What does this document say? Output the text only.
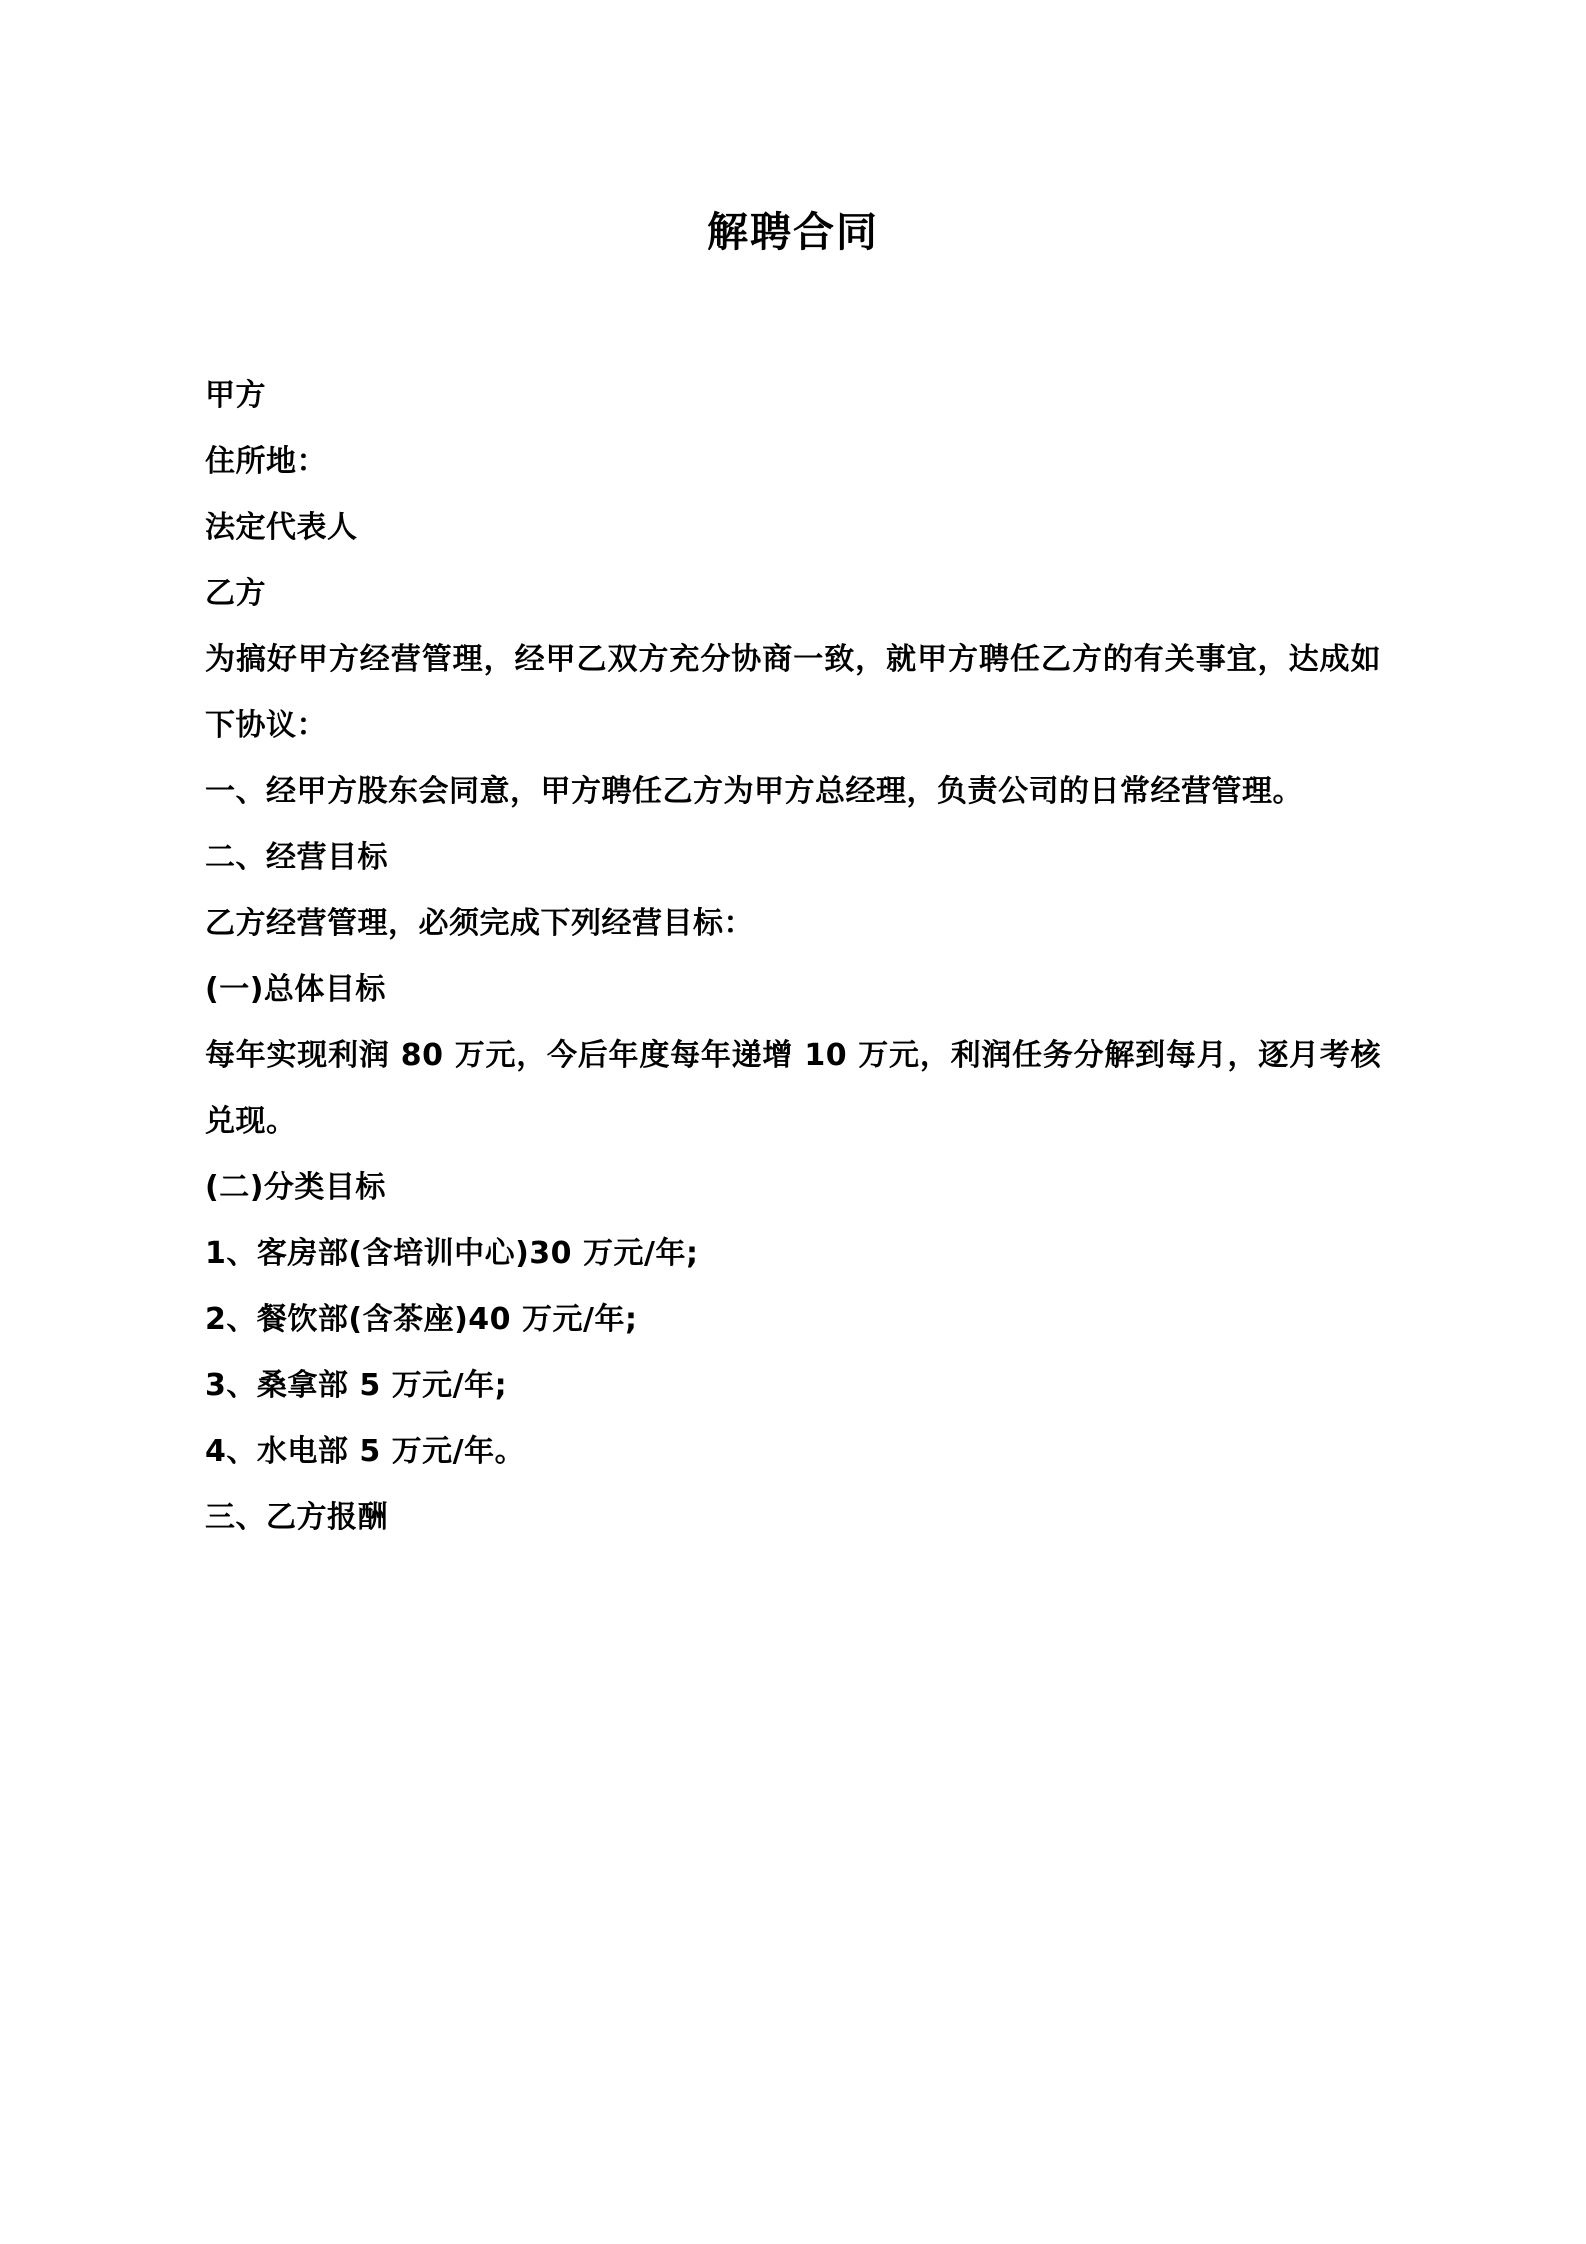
解聘合同

甲方

住所地：

法定代表人

乙方

为搞好甲方经营管理，经甲乙双方充分协商一致，就甲方聘任乙方的有关事宜，达成如下协议：

一、经甲方股东会同意，甲方聘任乙方为甲方总经理，负责公司的日常经营管理。

二、经营目标

乙方经营管理，必须完成下列经营目标：

(一)总体目标

每年实现利润 80 万元，今后年度每年递增 10 万元，利润任务分解到每月，逐月考核兑现。

(二)分类目标

1、客房部(含培训中心)30 万元/年;

2、餐饮部(含茶座)40 万元/年;

3、桑拿部 5 万元/年;

4、水电部 5 万元/年。

三、乙方报酬
